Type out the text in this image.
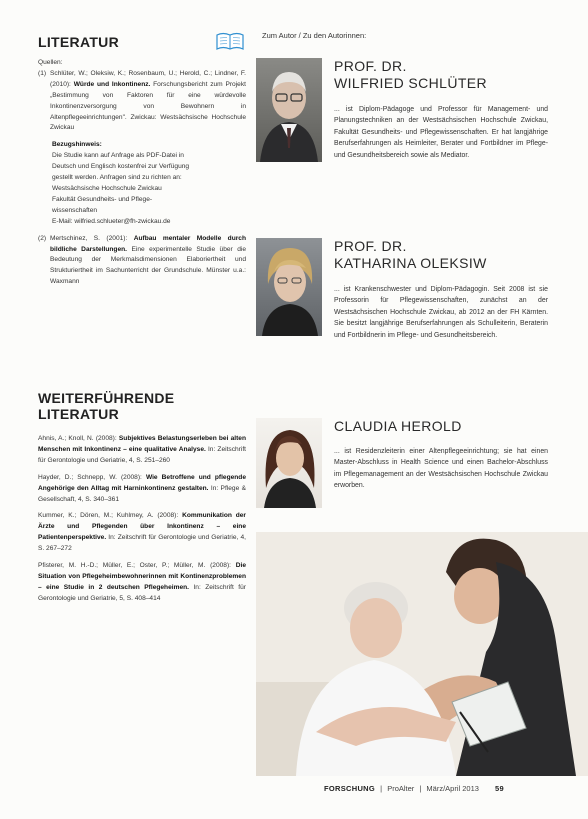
LITERATUR
Quellen:
(1) Schlüter, W.; Oleksiw, K.; Rosenbaum, U.; Herold, C.; Lindner, F. (2010): Würde und Inkontinenz. Forschungsbericht zum Projekt „Bestimmung von Faktoren für eine würdevolle Inkontinenzversorgung von Bewohnern in Altenpflegeeinrichtungen". Zwickau: Westsächsische Hochschule Zwickau
Bezugshinweis:
Die Studie kann auf Anfrage als PDF-Datei in
Deutsch und Englisch kostenfrei zur Verfügung
gestellt werden. Anfragen sind zu richten an:
Westsächsische Hochschule Zwickau
Fakultät Gesundheits- und Pflege-
wissenschaften
E-Mail: wilfried.schlueter@fh-zwickau.de
(2) Mertschinez, S. (2001): Aufbau mentaler Modelle durch bildliche Darstellungen. Eine experimentelle Studie über die Bedeutung der Merkmalsdimensionen Elaboriertheit und Strukturiertheit im Sachunterricht der Grundschule. Münster u.a.: Waxmann
WEITERFÜHRENDE
LITERATUR
Ahnis, A.; Knoll, N. (2008): Subjektives Belastungserleben bei alten Menschen mit Inkontinenz – eine qualitative Analyse. In: Zeitschrift für Gerontologie und Geriatrie, 4, S. 251–260
Hayder, D.; Schnepp, W. (2008): Wie Betroffene und pflegende Angehörige den Alltag mit Harninkontinenz gestalten. In: Pflege & Gesellschaft, 4, S. 340–361
Kummer, K.; Dören, M.; Kuhlmey, A. (2008): Kommunikation der Ärzte und Pflegenden über Inkontinenz – eine Patientenperspektive. In: Zeitschrift für Gerontologie und Geriatrie, 4, S. 267–272
Pfisterer, M. H.-D.; Müller, E.; Oster, P.; Müller, M. (2008): Die Situation von Pflegeheimbewohnerinnen mit Kontinenzproblemen – eine Studie in 2 deutschen Pflegeheimen. In: Zeitschrift für Gerontologie und Geriatrie, 5, S. 408–414
Zum Autor / Zu den Autorinnen:
PROF. DR.
WILFRIED SCHLÜTER
... ist Diplom-Pädagoge und Professor für Management- und Planungstechniken an der Westsächsischen Hochschule Zwickau, Fakultät Gesundheits- und Pflegewissenschaften. Er hat langjährige Berufserfahrungen als Heimleiter, Berater und Fortbildner im Pflege- und Gesundheitsbereich sowie als Mediator.
PROF. DR.
KATHARINA OLEKSIW
CLAUDIA HEROLD
... ist Krankenschwester und Diplom-Pädagogin. Seit 2008 ist sie Professorin für Pflegewissenschaften, zunächst an der Westsächsischen Hochschule Zwickau, ab 2012 an der FH Kärnten. Sie besitzt langjährige Berufserfahrungen als Schulleiterin, Beraterin und Fortbildnerin im Pflege- und Gesundheitsbereich.
... ist Residenzleiterin einer Altenpflegeeinrichtung; sie hat einen Master-Abschluss in Health Science und einen Bachelor-Abschluss im Pflegemanagement an der Westsächsischen Hochschule Zwickau erworben.
FORSCHUNG | ProAlter | März/April 2013 59
